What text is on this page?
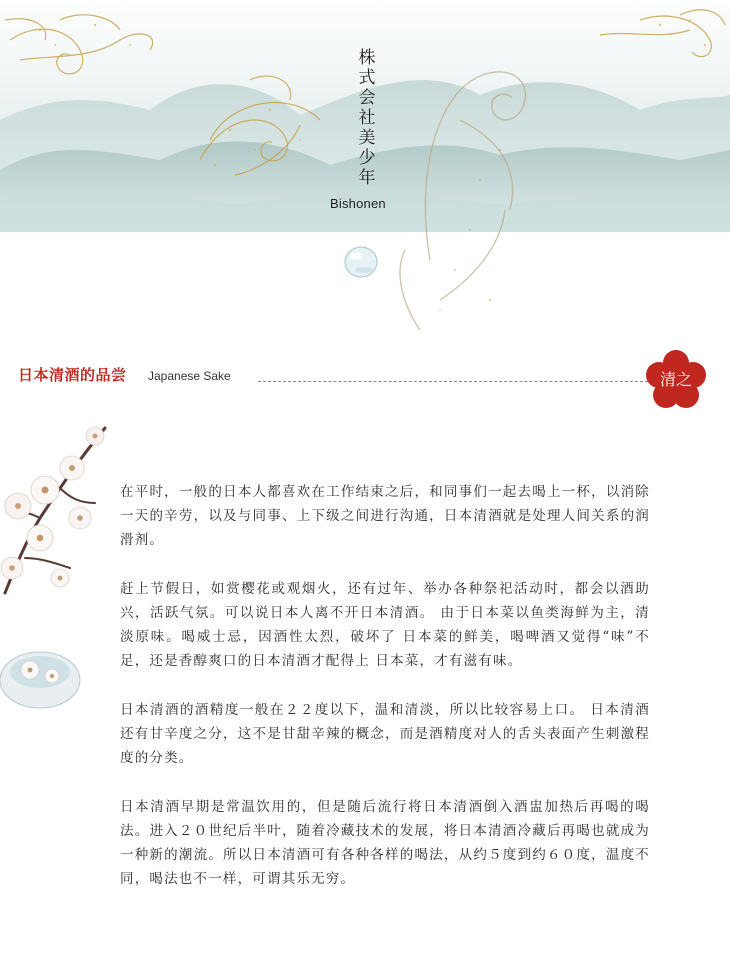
株式会社美少年
Bishonen
日本清酒的品尝 Japanese Sake	清之

在平时，一般的日本人都喜欢在工作结束之后，和同事们一起去喝上一杯，以消除一天的辛劳，以及与同事、上下级之间进行沟通，日本清酒就是处理人间关系的润滑剂。

赶上节假日，如赏樱花或观烟火，还有过年、举办各种祭祀活动时，都会以酒助兴，活跃气氛。可以说日本人离不开日本清酒。 由于日本菜以鱼类海鲜为主，清淡原味。喝威士忌，因酒性太烈，破坏了 日本菜的鲜美，喝啤酒又觉得“味”不足，还是香醇爽口的日本清酒才配得上 日本菜，才有滋有味。

日本清酒的酒精度一般在２２度以下，温和清淡，所以比较容易上口。 日本清酒还有甘辛度之分，这不是甘甜辛辣的概念，而是酒精度对人的舌头表面产生刺激程度的分类。

日本清酒早期是常温饮用的，但是随后流行将日本清酒倒入酒盅加热后再喝的喝法。进入２０世纪后半叶，随着冷藏技术的发展，将日本清酒冷藏后再喝也就成为一种新的潮流。所以日本清酒可有各种各样的喝法，从约５度到约６０度，温度不同，喝法也不一样，可谓其乐无穷。
